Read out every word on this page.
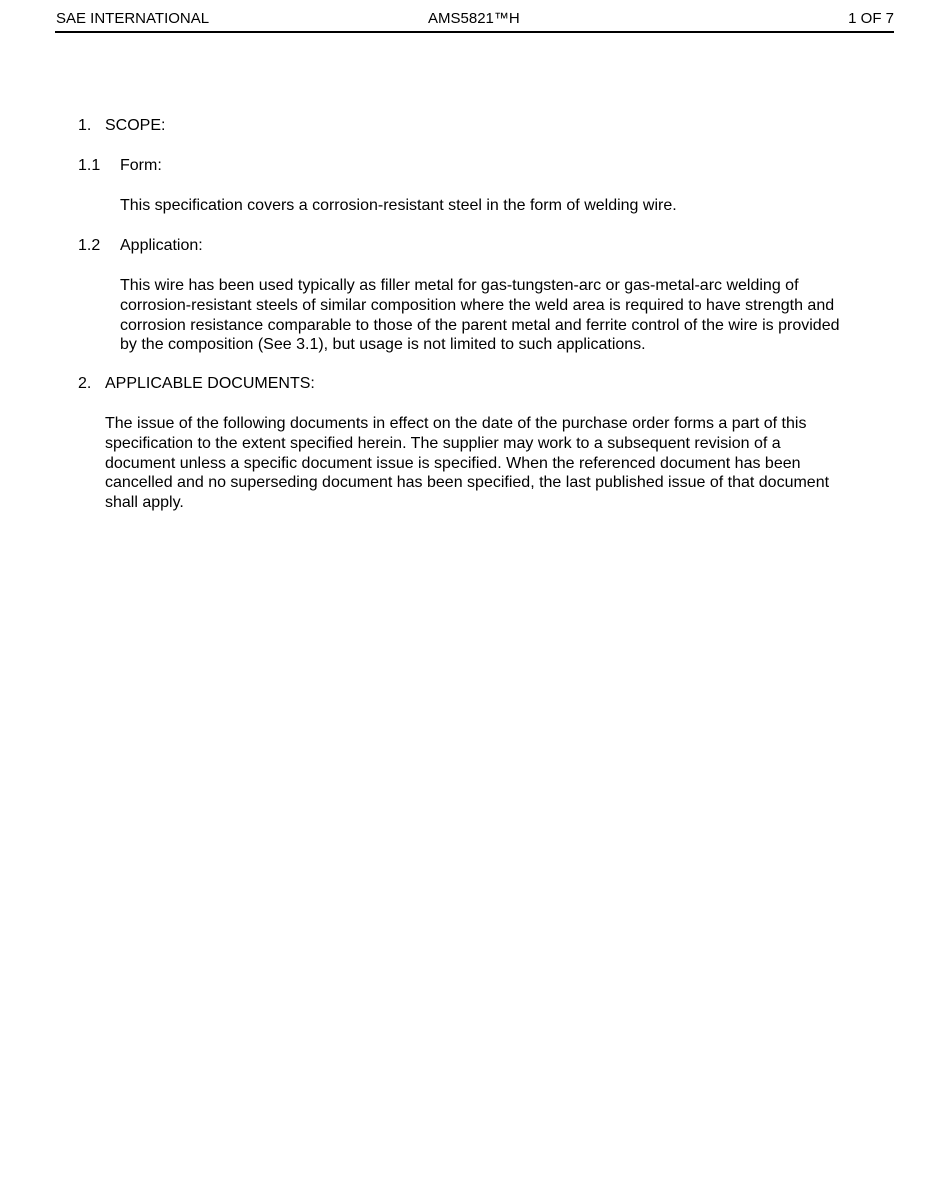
SAE INTERNATIONAL	AMS5821™H	1 OF 7
1. SCOPE:
1.1 Form:

This specification covers a corrosion-resistant steel in the form of welding wire.

1.2 Application:

This wire has been used typically as filler metal for gas-tungsten-arc or gas-metal-arc welding of corrosion-resistant steels of similar composition where the weld area is required to have strength and corrosion resistance comparable to those of the parent metal and ferrite control of the wire is provided by the composition (See 3.1), but usage is not limited to such applications.

2. APPLICABLE DOCUMENTS:

The issue of the following documents in effect on the date of the purchase order forms a part of this specification to the extent specified herein. The supplier may work to a subsequent revision of a document unless a specific document issue is specified. When the referenced document has been cancelled and no superseding document has been specified, the last published issue of that document shall apply.
